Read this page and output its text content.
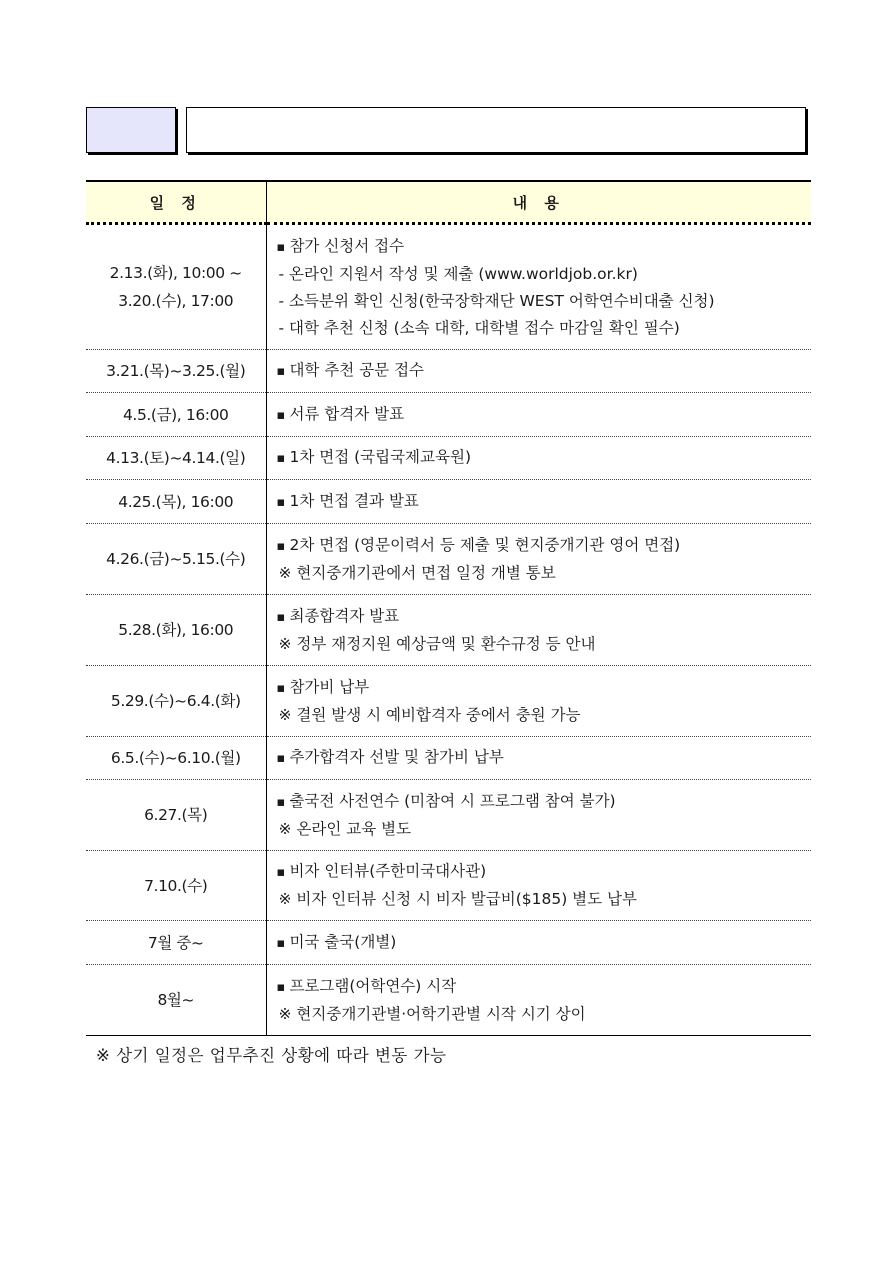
일 정	내 용

2.13.(화), 10:00 ~
3.20.(수), 17:00	▪ 참가 신청서 접수
- 온라인 지원서 작성 및 제출 (www.worldjob.or.kr)
- 소득분위 확인 신청(한국장학재단 WEST 어학연수비대출 신청)
- 대학 추천 신청 (소속 대학, 대학별 접수 마감일 확인 필수)

3.21.(목)~3.25.(월)	▪ 대학 추천 공문 접수

4.5.(금), 16:00	▪ 서류 합격자 발표

4.13.(토)~4.14.(일)	▪ 1차 면접 (국립국제교육원)

4.25.(목), 16:00	▪ 1차 면접 결과 발표

4.26.(금)~5.15.(수)	▪ 2차 면접 (영문이력서 등 제출 및 현지중개기관 영어 면접)
※ 현지중개기관에서 면접 일정 개별 통보

5.28.(화), 16:00	▪ 최종합격자 발표
※ 정부 재정지원 예상금액 및 환수규정 등 안내

5.29.(수)~6.4.(화)	▪ 참가비 납부
※ 결원 발생 시 예비합격자 중에서 충원 가능

6.5.(수)~6.10.(월)	▪ 추가합격자 선발 및 참가비 납부

6.27.(목)	▪ 출국전 사전연수 (미참여 시 프로그램 참여 불가)
※ 온라인 교육 별도

7.10.(수)	▪ 비자 인터뷰(주한미국대사관)
※ 비자 인터뷰 신청 시 비자 발급비($185) 별도 납부

7월 중~	▪ 미국 출국(개별)

8월~	▪ 프로그램(어학연수) 시작
※ 현지중개기관별·어학기관별 시작 시기 상이
※ 상기 일정은 업무추진 상황에 따라 변동 가능
